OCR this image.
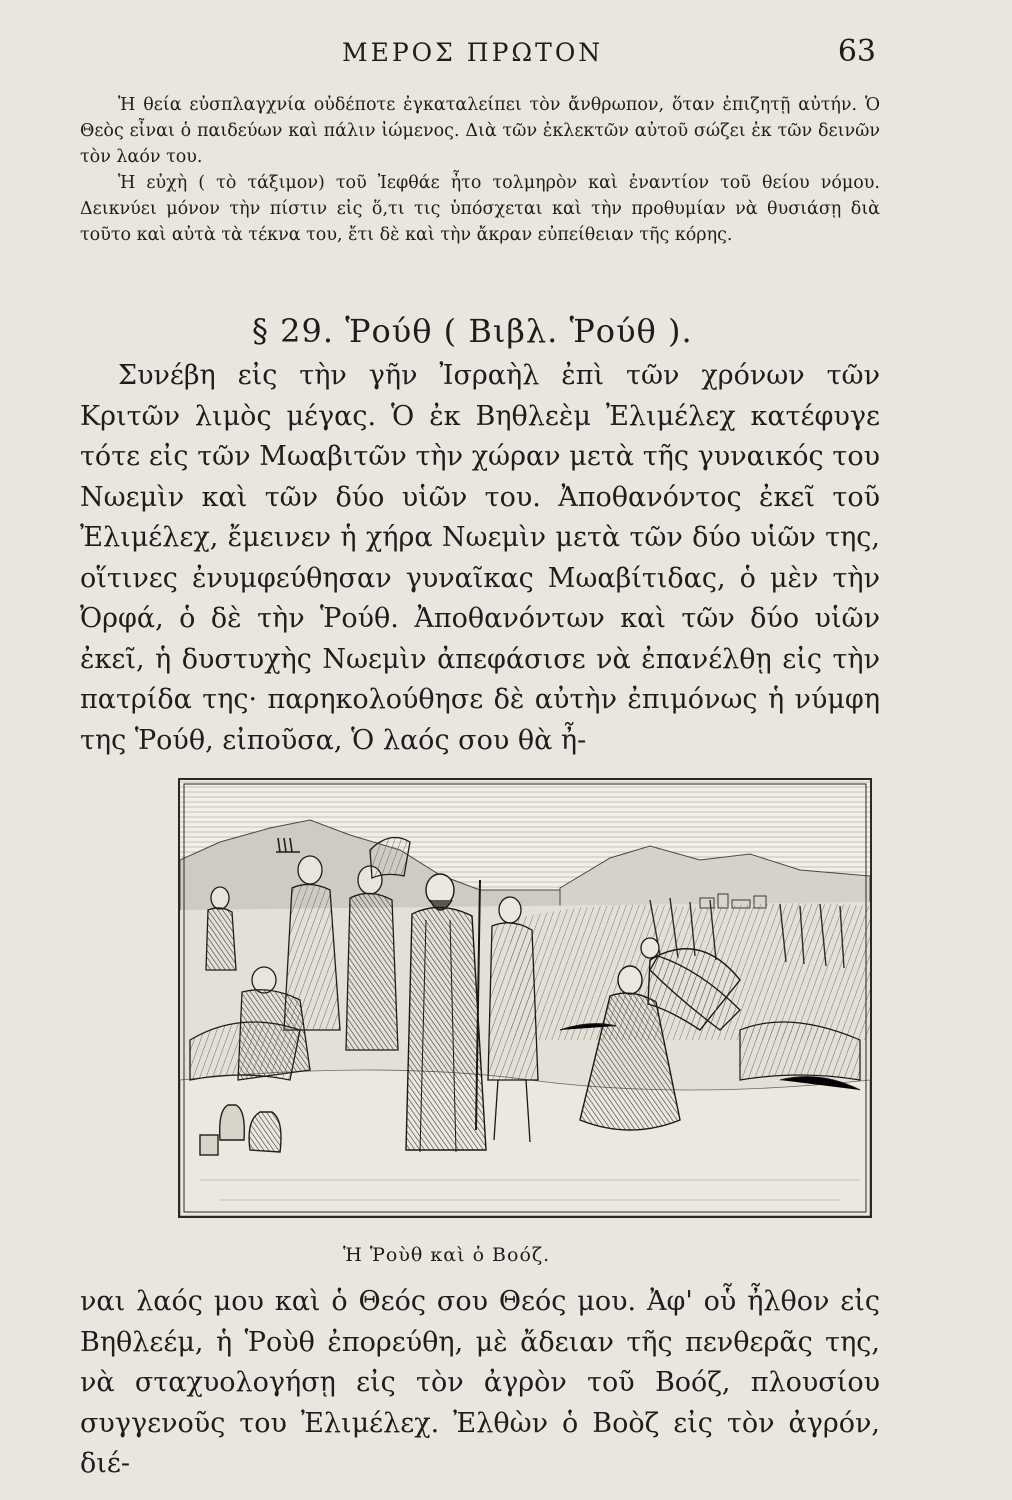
ΜΕΡΟΣ ΠΡΩΤΟΝ	63

Ἡ θεία εὐσπλαγχνία οὐδέποτε ἐγκαταλείπει τὸν ἄνθρωπον, ὅταν ἐπιζητῇ αὐτήν. Ὁ Θεὸς εἶναι ὁ παιδεύων καὶ πάλιν ἰώμενος. Διὰ τῶν ἐκλεκτῶν αὐτοῦ σώζει ἐκ τῶν δεινῶν τὸν λαόν του.

Ἡ εὐχὴ ( τὸ τάξιμον) τοῦ Ἰεφθάε ἦτο τολμηρὸν καὶ ἐναντίον τοῦ θείου νόμου. Δεικνύει μόνον τὴν πίστιν εἰς ὅ,τι τις ὑπόσχεται καὶ τὴν προθυμίαν νὰ θυσιάσῃ διὰ τοῦτο καὶ αὐτὰ τὰ τέκνα του, ἔτι δὲ καὶ τὴν ἄκραν εὐπείθειαν τῆς κόρης.

§ 29. Ῥούθ ( Βιβλ. Ῥούθ ).

Συνέβη εἰς τὴν γῆν Ἰσραὴλ ἐπὶ τῶν χρόνων τῶν Κριτῶν λιμὸς μέγας. Ὁ ἐκ Βηθλεὲμ Ἐλιμέλεχ κατέφυγε τότε εἰς τῶν Μωαβιτῶν τὴν χώραν μετὰ τῆς γυναικός του Νωεμὶν καὶ τῶν δύο υἱῶν του. Ἀποθανόντος ἐκεῖ τοῦ Ἐλιμέλεχ, ἔμεινεν ἡ χήρα Νωεμὶν μετὰ τῶν δύο υἱῶν της, οἵτινες ἐνυμφεύθησαν γυναῖκας Μωαβίτιδας, ὁ μὲν τὴν Ὀρφά, ὁ δὲ τὴν Ῥούθ. Ἀποθανόντων καὶ τῶν δύο υἱῶν ἐκεῖ, ἡ δυστυχὴς Νωεμὶν ἀπεφάσισε νὰ ἐπανέλθῃ εἰς τὴν πατρίδα της· παρηκολούθησε δὲ αὐτὴν ἐπιμόνως ἡ νύμφη της Ῥούθ, εἰποῦσα, Ὁ λαός σου θὰ ἦ-

Ἡ Ῥοὺθ καὶ ὁ Βοόζ.

ναι λαός μου καὶ ὁ Θεός σου Θεός μου. Ἀφ' οὗ ἦλθον εἰς Βηθλεέμ, ἡ Ῥοὺθ ἐπορεύθη, μὲ ἄδειαν τῆς πενθερᾶς της, νὰ σταχυολογήσῃ εἰς τὸν ἀγρὸν τοῦ Βοόζ, πλουσίου συγγενοῦς του Ἐλιμέλεχ. Ἐλθὼν ὁ Βοὸζ εἰς τὸν ἀγρόν, διέ-
